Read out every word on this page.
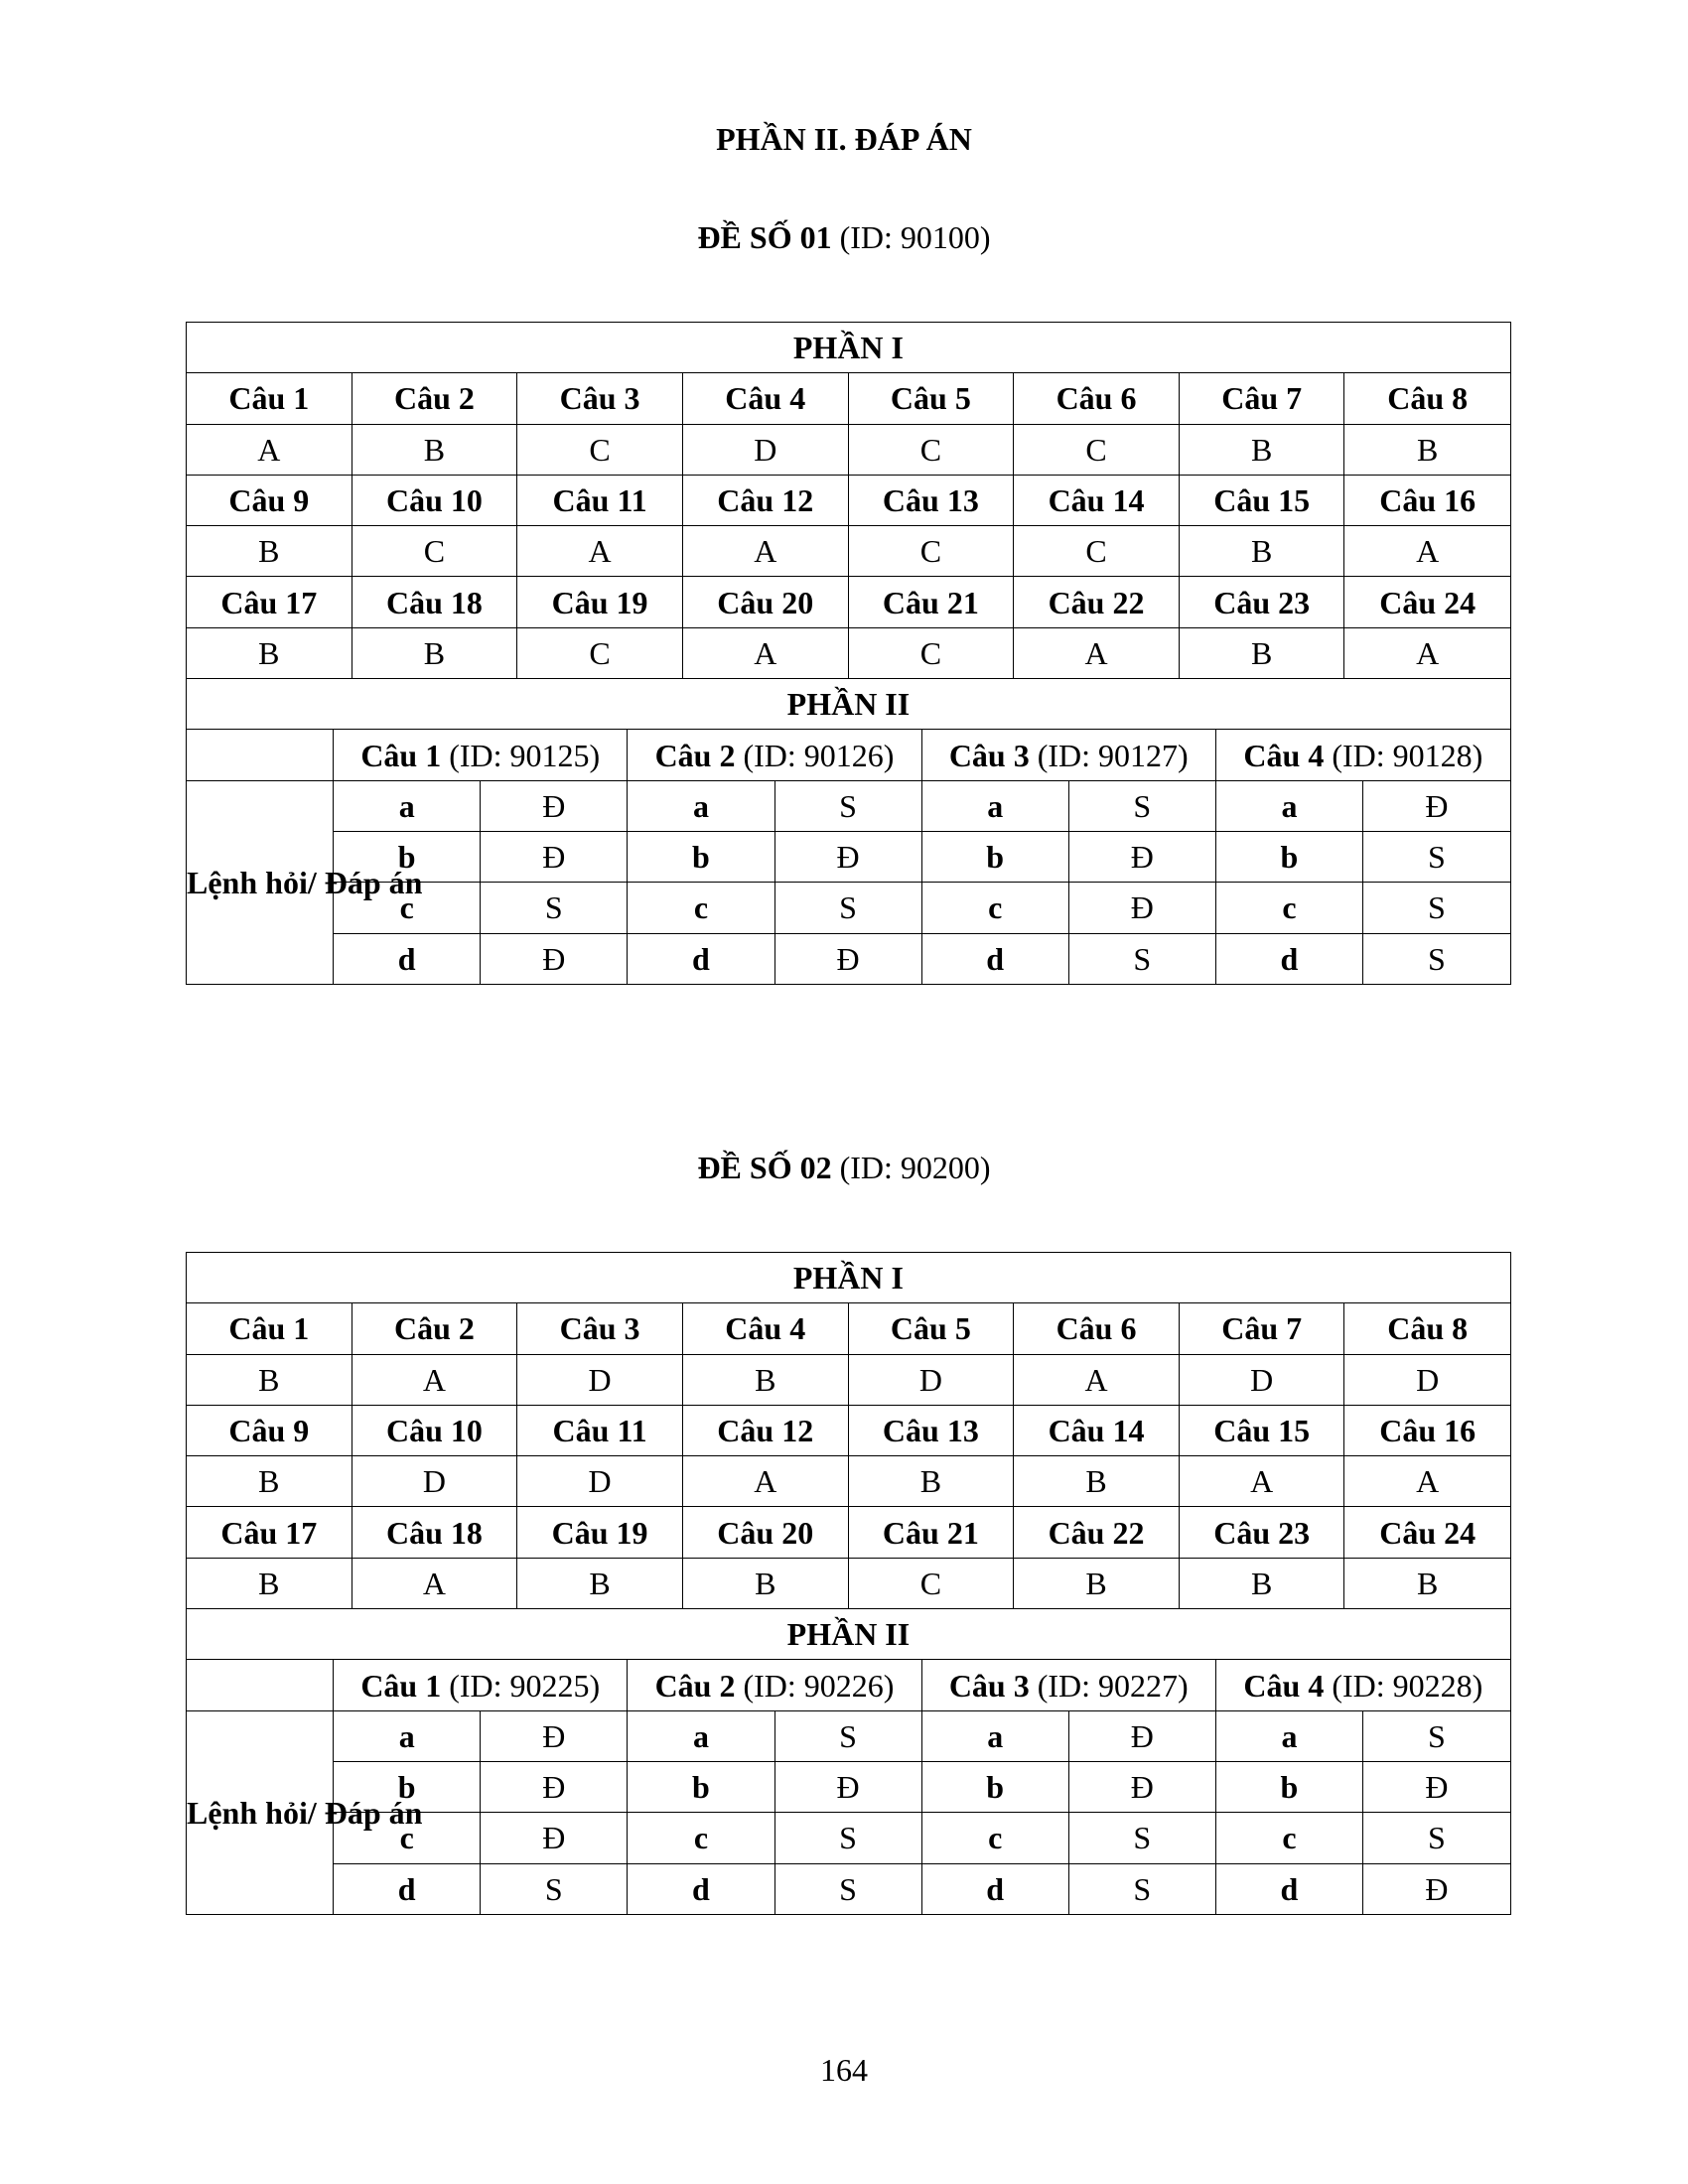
PHẦN II. ĐÁP ÁN
ĐỀ SỐ 01 (ID: 90100)
PHẦN I															
Câu 1		Câu 2		Câu 3		Câu 4		Câu 5		Câu 6		Câu 7		Câu 8	
A		B		C		D		C		C		B		B	
Câu 9		Câu 10		Câu 11		Câu 12		Câu 13		Câu 14		Câu 15		Câu 16	
B		C		A		A		C		C		B		A	
Câu 17		Câu 18		Câu 19		Câu 20		Câu 21		Câu 22		Câu 23		Câu 24	
B		B		C		A		C		A		B		A	
PHẦN II															
	Câu 1 (ID: 90125)				Câu 2 (ID: 90126)				Câu 3 (ID: 90127)				Câu 4 (ID: 90128)		
Lệnh hỏi/ Đáp án	a		Đ		a		S		a		S		a		Đ
	b		Đ		b		Đ		b		Đ		b		S
	c		S		c		S		c		Đ		c		S
	d		Đ		d		Đ		d		S		d		S
ĐỀ SỐ 02 (ID: 90200)
PHẦN I															
Câu 1		Câu 2		Câu 3		Câu 4		Câu 5		Câu 6		Câu 7		Câu 8	
B		A		D		B		D		A		D		D	
Câu 9		Câu 10		Câu 11		Câu 12		Câu 13		Câu 14		Câu 15		Câu 16	
B		D		D		A		B		B		A		A	
Câu 17		Câu 18		Câu 19		Câu 20		Câu 21		Câu 22		Câu 23		Câu 24	
B		A		B		B		C		B		B		B	
PHẦN II															
	Câu 1 (ID: 90225)				Câu 2 (ID: 90226)				Câu 3 (ID: 90227)				Câu 4 (ID: 90228)		
Lệnh hỏi/ Đáp án	a		Đ		a		S		a		Đ		a		S
	b		Đ		b		Đ		b		Đ		b		Đ
	c		Đ		c		S		c		S		c		S
	d		S		d		S		d		S		d		Đ
164
